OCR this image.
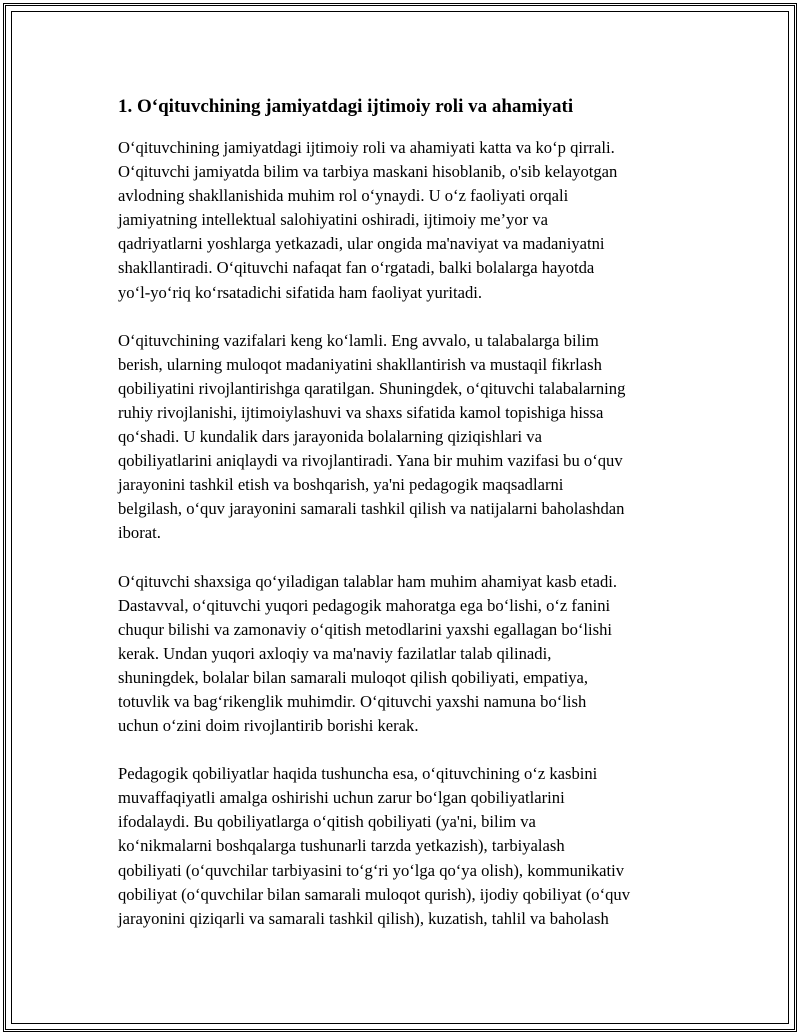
1. O‘qituvchining jamiyatdagi ijtimoiy roli va ahamiyati
O‘qituvchining jamiyatdagi ijtimoiy roli va ahamiyati katta va ko‘p qirrali.
O‘qituvchi jamiyatda bilim va tarbiya maskani hisoblanib, o'sib kelayotgan
avlodning shakllanishida muhim rol o‘ynaydi. U o‘z faoliyati orqali
jamiyatning intellektual salohiyatini oshiradi, ijtimoiy me’yor va
qadriyatlarni yoshlarga yetkazadi, ular ongida ma'naviyat va madaniyatni
shakllantiradi. O‘qituvchi nafaqat fan o‘rgatadi, balki bolalarga hayotda
yo‘l-yo‘riq ko‘rsatadichi sifatida ham faoliyat yuritadi.
O‘qituvchining vazifalari keng ko‘lamli. Eng avvalo, u talabalarga bilim
berish, ularning muloqot madaniyatini shakllantirish va mustaqil fikrlash
qobiliyatini rivojlantirishga qaratilgan. Shuningdek, o‘qituvchi talabalarning
ruhiy rivojlanishi, ijtimoiylashuvi va shaxs sifatida kamol topishiga hissa
qo‘shadi. U kundalik dars jarayonida bolalarning qiziqishlari va
qobiliyatlarini aniqlaydi va rivojlantiradi. Yana bir muhim vazifasi bu o‘quv
jarayonini tashkil etish va boshqarish, ya'ni pedagogik maqsadlarni
belgilash, o‘quv jarayonini samarali tashkil qilish va natijalarni baholashdan
iborat.
O‘qituvchi shaxsiga qo‘yiladigan talablar ham muhim ahamiyat kasb etadi.
Dastavval, o‘qituvchi yuqori pedagogik mahoratga ega bo‘lishi, o‘z fanini
chuqur bilishi va zamonaviy o‘qitish metodlarini yaxshi egallagan bo‘lishi
kerak. Undan yuqori axloqiy va ma'naviy fazilatlar talab qilinadi,
shuningdek, bolalar bilan samarali muloqot qilish qobiliyati, empatiya,
totuvlik va bag‘rikenglik muhimdir. O‘qituvchi yaxshi namuna bo‘lish
uchun o‘zini doim rivojlantirib borishi kerak.
Pedagogik qobiliyatlar haqida tushuncha esa, o‘qituvchining o‘z kasbini
muvaffaqiyatli amalga oshirishi uchun zarur bo‘lgan qobiliyatlarini
ifodalaydi. Bu qobiliyatlarga o‘qitish qobiliyati (ya'ni, bilim va
ko‘nikmalarni boshqalarga tushunarli tarzda yetkazish), tarbiyalash
qobiliyati (o‘quvchilar tarbiyasini to‘g‘ri yo‘lga qo‘ya olish), kommunikativ
qobiliyat (o‘quvchilar bilan samarali muloqot qurish), ijodiy qobiliyat (o‘quv
jarayonini qiziqarli va samarali tashkil qilish), kuzatish, tahlil va baholash
